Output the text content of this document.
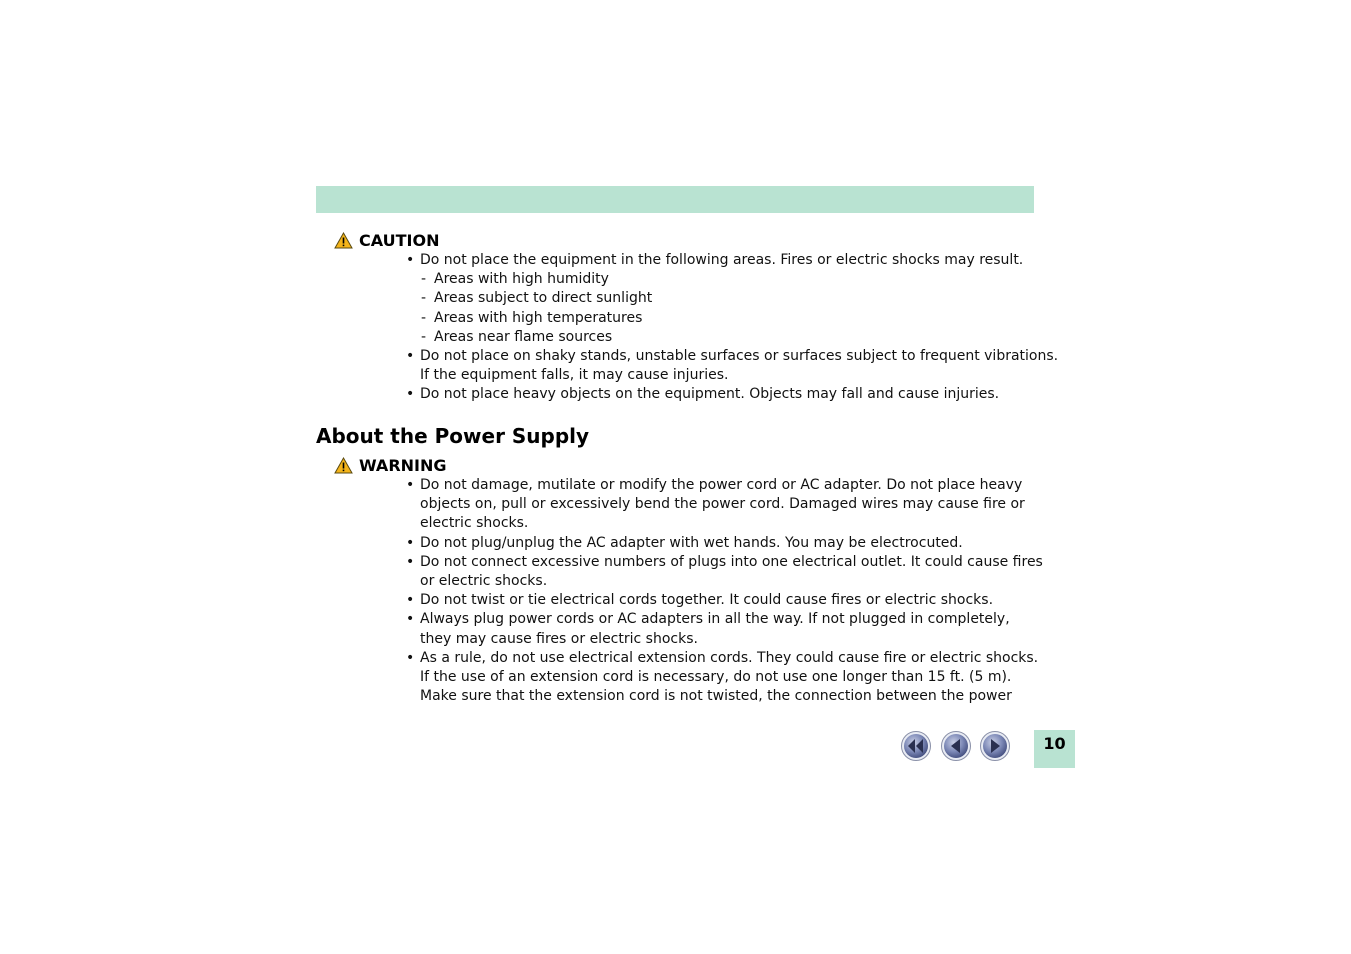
CAUTION
• Do not place the equipment in the following areas. Fires or electric shocks may result.
- Areas with high humidity
- Areas subject to direct sunlight
- Areas with high temperatures
- Areas near flame sources
• Do not place on shaky stands, unstable surfaces or surfaces subject to frequent vibrations.
If the equipment falls, it may cause injuries.
• Do not place heavy objects on the equipment. Objects may fall and cause injuries.
About the Power Supply
WARNING
• Do not damage, mutilate or modify the power cord or AC adapter. Do not place heavy
objects on, pull or excessively bend the power cord. Damaged wires may cause fire or
electric shocks.
• Do not plug/unplug the AC adapter with wet hands. You may be electrocuted.
• Do not connect excessive numbers of plugs into one electrical outlet. It could cause fires
or electric shocks.
• Do not twist or tie electrical cords together. It could cause fires or electric shocks.
• Always plug power cords or AC adapters in all the way. If not plugged in completely,
they may cause fires or electric shocks.
• As a rule, do not use electrical extension cords. They could cause fire or electric shocks.
If the use of an extension cord is necessary, do not use one longer than 15 ft. (5 m).
Make sure that the extension cord is not twisted, the connection between the power
10
